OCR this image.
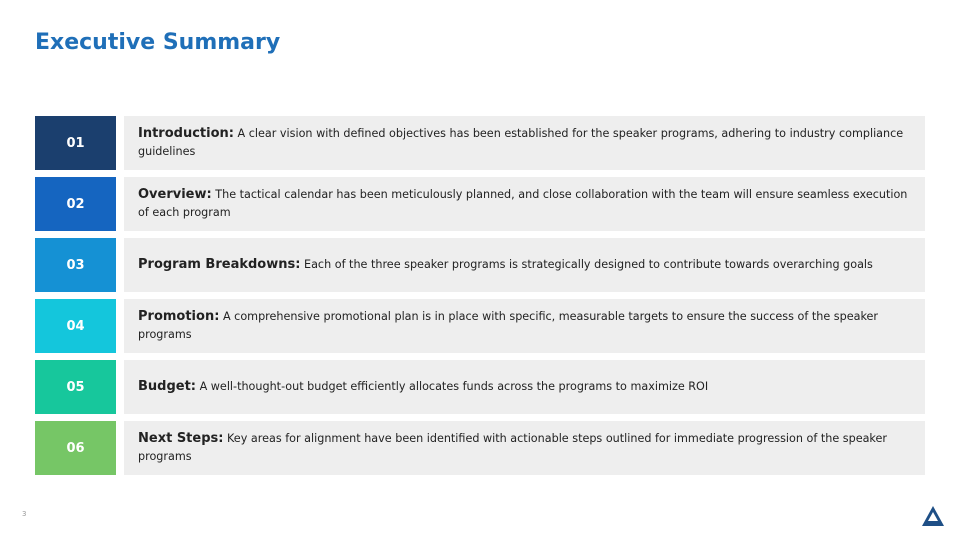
Executive Summary
01
Introduction: A clear vision with defined objectives has been established for the speaker programs, adhering to industry compliance guidelines
02
Overview: The tactical calendar has been meticulously planned, and close collaboration with the team will ensure seamless execution of each program
03	Program Breakdowns: Each of the three speaker programs is strategically designed to contribute towards overarching goals
04
Promotion: A comprehensive promotional plan is in place with specific, measurable targets to ensure the success of the speaker programs
05	Budget: A well-thought-out budget efficiently allocates funds across the programs to maximize ROI
06
Next Steps: Key areas for alignment have been identified with actionable steps outlined for immediate progression of the speaker programs
3
